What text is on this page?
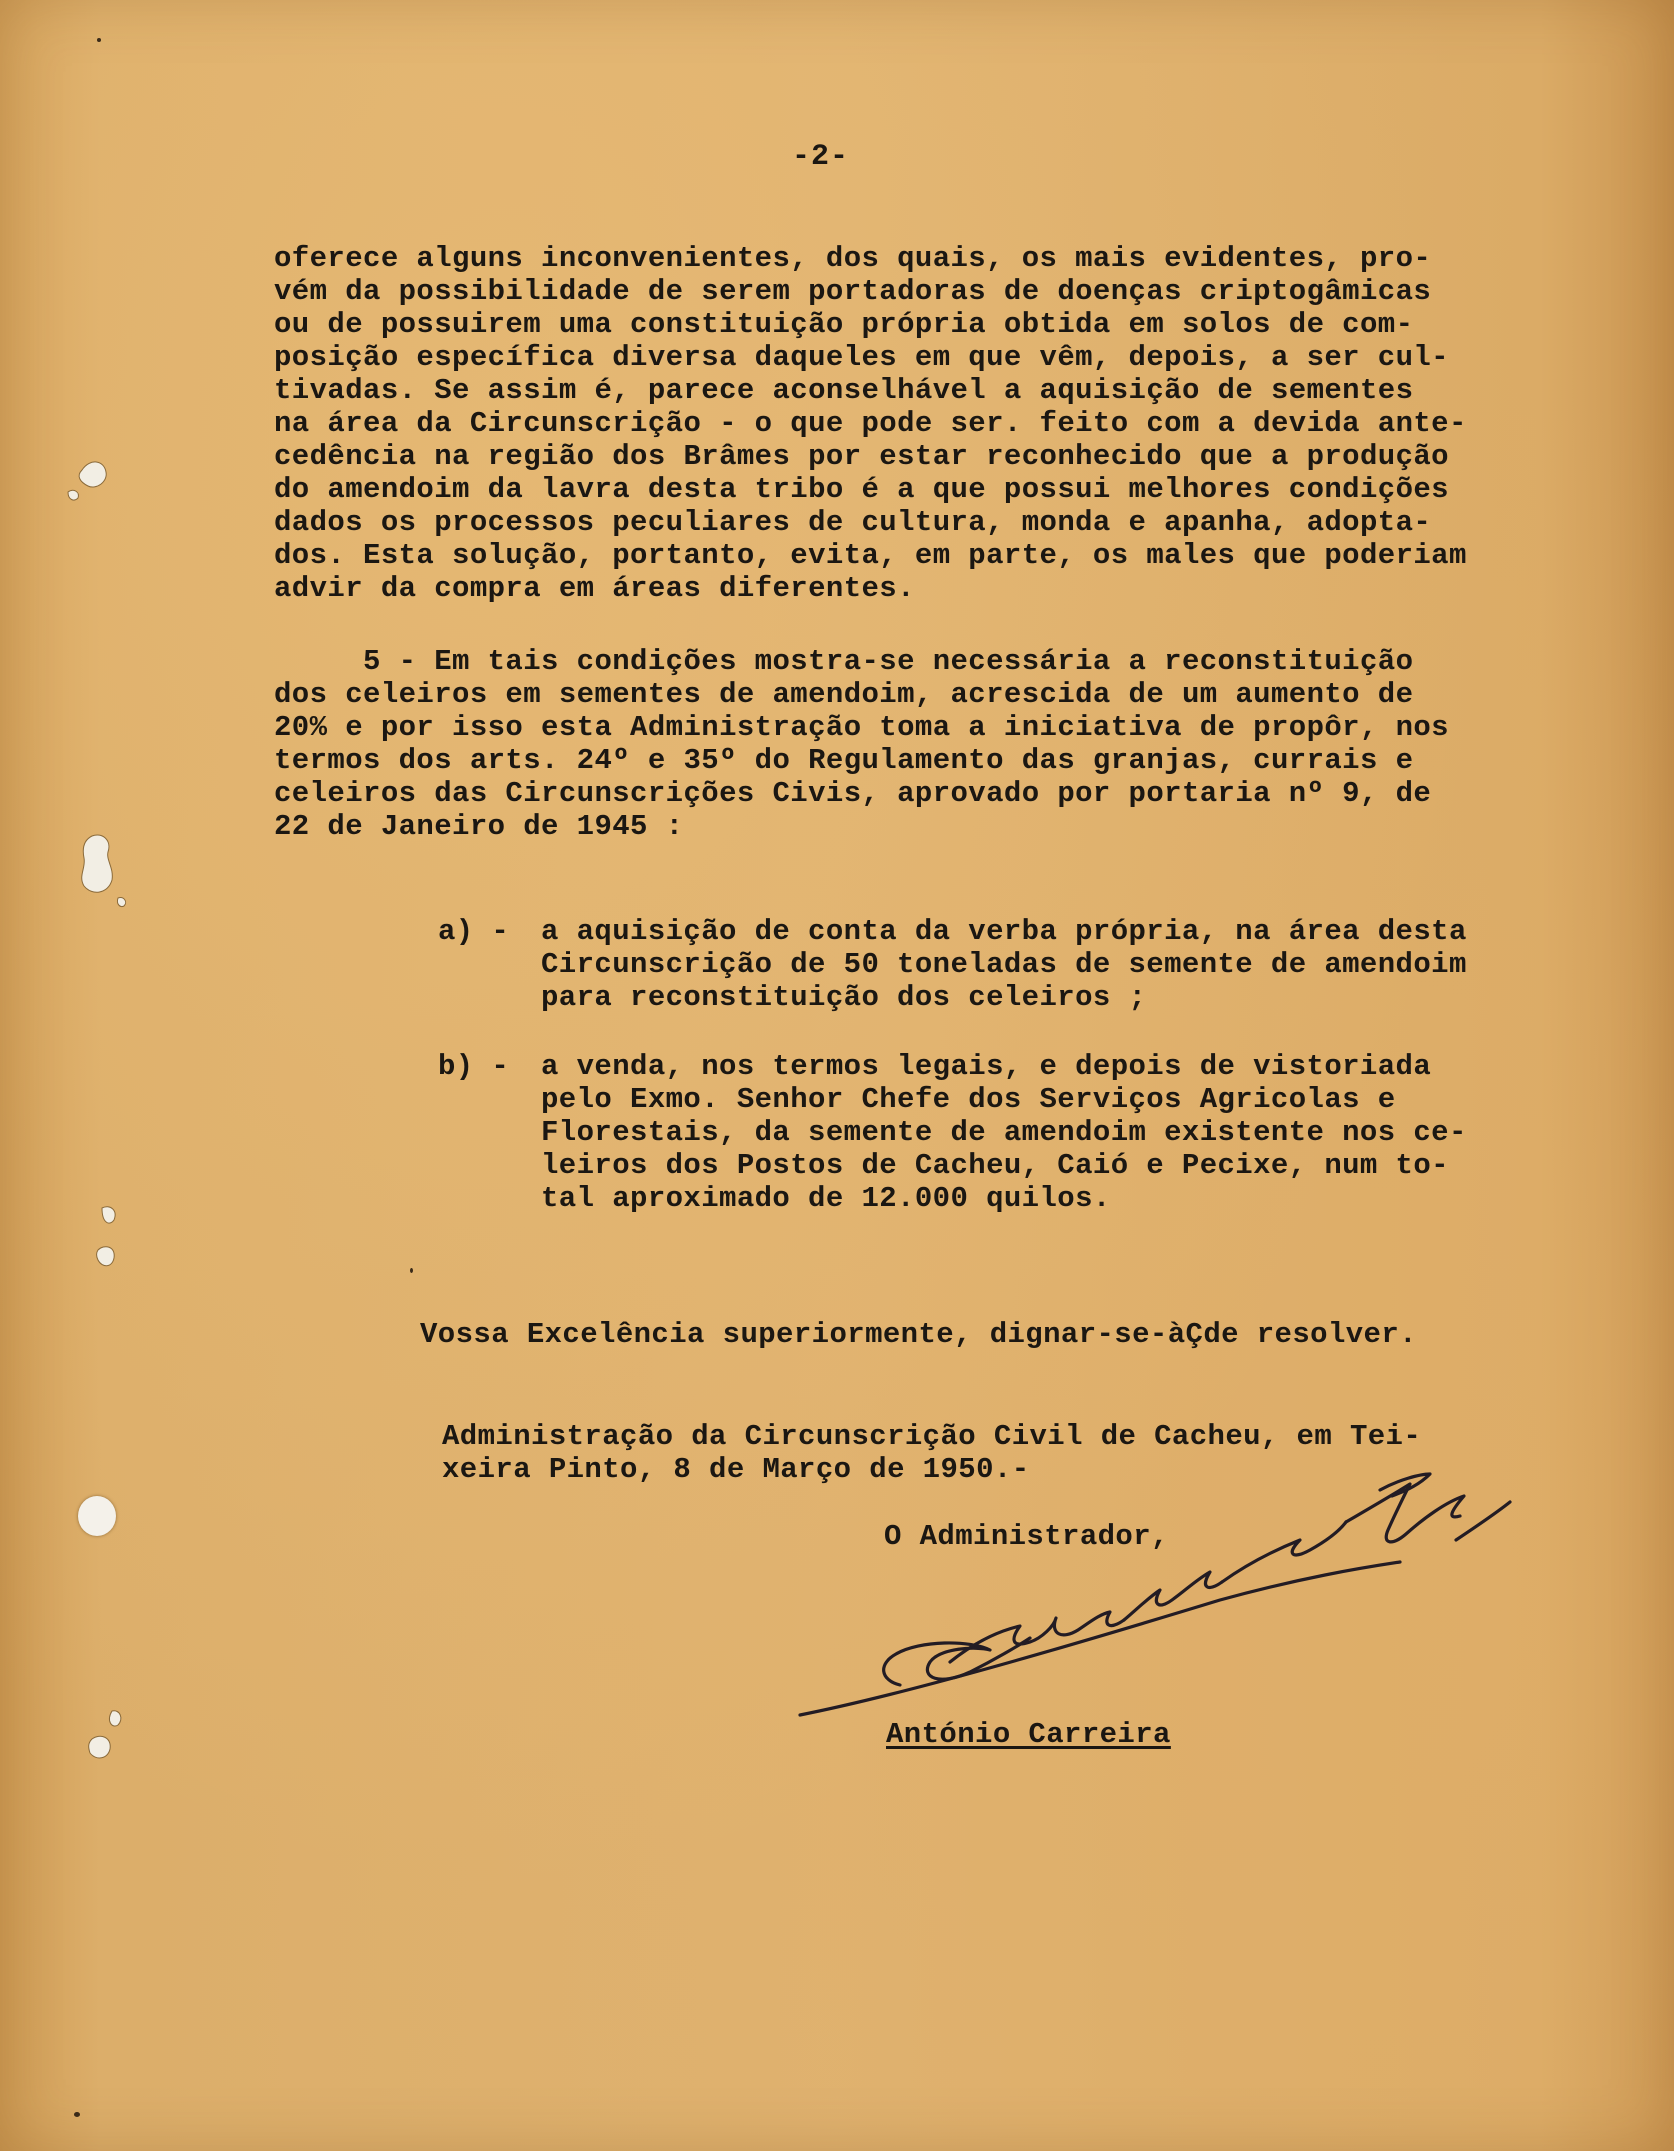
-2-
oferece alguns inconvenientes, dos quais, os mais evidentes, pro-
vém da possibilidade de serem portadoras de doenças criptogâmicas
ou de possuirem uma constituição própria obtida em solos de com-
posição específica diversa daqueles em que vêm, depois, a ser cul-
tivadas. Se assim é, parece aconselhável a aquisição de sementes
na área da Circunscrição - o que pode ser. feito com a devida ante-
cedência na região dos Brâmes por estar reconhecido que a produção
do amendoim da lavra desta tribo é a que possui melhores condições
dados os processos peculiares de cultura, monda e apanha, adopta-
dos. Esta solução, portanto, evita, em parte, os males que poderiam
advir da compra em áreas diferentes.
5 - Em tais condições mostra-se necessária a reconstituição
dos celeiros em sementes de amendoim, acrescida de um aumento de
20% e por isso esta Administração toma a iniciativa de propôr, nos
termos dos arts. 24º e 35º do Regulamento das granjas, currais e
celeiros das Circunscrições Civis, aprovado por portaria nº 9, de
22 de Janeiro de 1945 :
a) - a aquisição de conta da verba própria, na área desta
Circunscrição de 50 toneladas de semente de amendoim
para reconstituição dos celeiros ;
b) - a venda, nos termos legais, e depois de vistoriada
pelo Exmo. Senhor Chefe dos Serviços Agricolas e
Florestais, da semente de amendoim existente nos ce-
leiros dos Postos de Cacheu, Caió e Pecixe, num to-
tal aproximado de 12.000 quilos.
Vossa Excelência superiormente, dignar-se-àÇde resolver.
Administração da Circunscrição Civil de Cacheu, em Tei-
xeira Pinto, 8 de Março de 1950.-
O Administrador,
António Carreira
